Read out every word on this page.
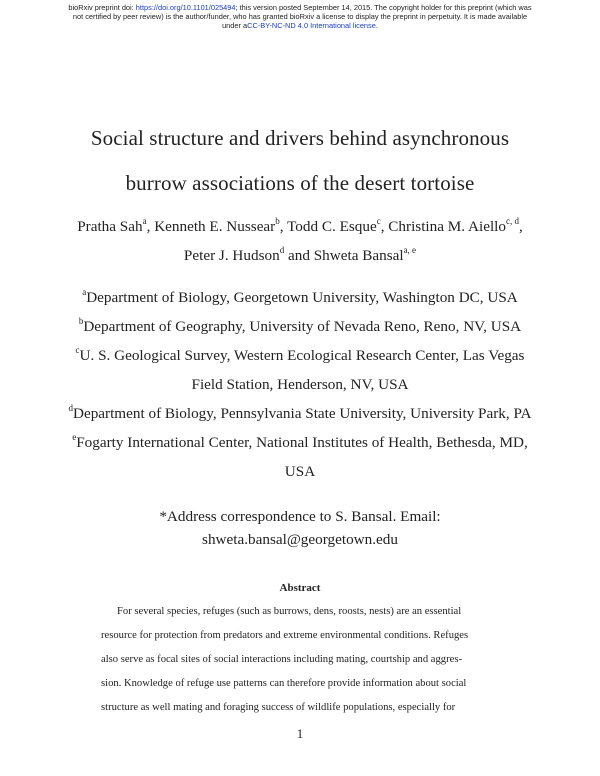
bioRxiv preprint doi: https://doi.org/10.1101/025494; this version posted September 14, 2015. The copyright holder for this preprint (which was
not certified by peer review) is the author/funder, who has granted bioRxiv a license to display the preprint in perpetuity. It is made available
under aCC-BY-NC-ND 4.0 International license.
Social structure and drivers behind asynchronous
burrow associations of the desert tortoise
Pratha Sah$^a$, Kenneth E. Nussear$^b$, Todd C. Esque$^c$, Christina M. Aiello$^{c, d}$,
Peter J. Hudson$^d$ and Shweta Bansal$^{a, e}$
$^a$Department of Biology, Georgetown University, Washington DC, USA
$^b$Department of Geography, University of Nevada Reno, Reno, NV, USA
$^c$U. S. Geological Survey, Western Ecological Research Center, Las Vegas
Field Station, Henderson, NV, USA
$^d$Department of Biology, Pennsylvania State University, University Park, PA
$^e$Fogarty International Center, National Institutes of Health, Bethesda, MD,
USA
*Address correspondence to S. Bansal. Email:
shweta.bansal@georgetown.edu
Abstract
For several species, refuges (such as burrows, dens, roosts, nests) are an essential
resource for protection from predators and extreme environmental conditions. Refuges
also serve as focal sites of social interactions including mating, courtship and aggres-
sion. Knowledge of refuge use patterns can therefore provide information about social
structure as well mating and foraging success of wildlife populations, especially for
1
